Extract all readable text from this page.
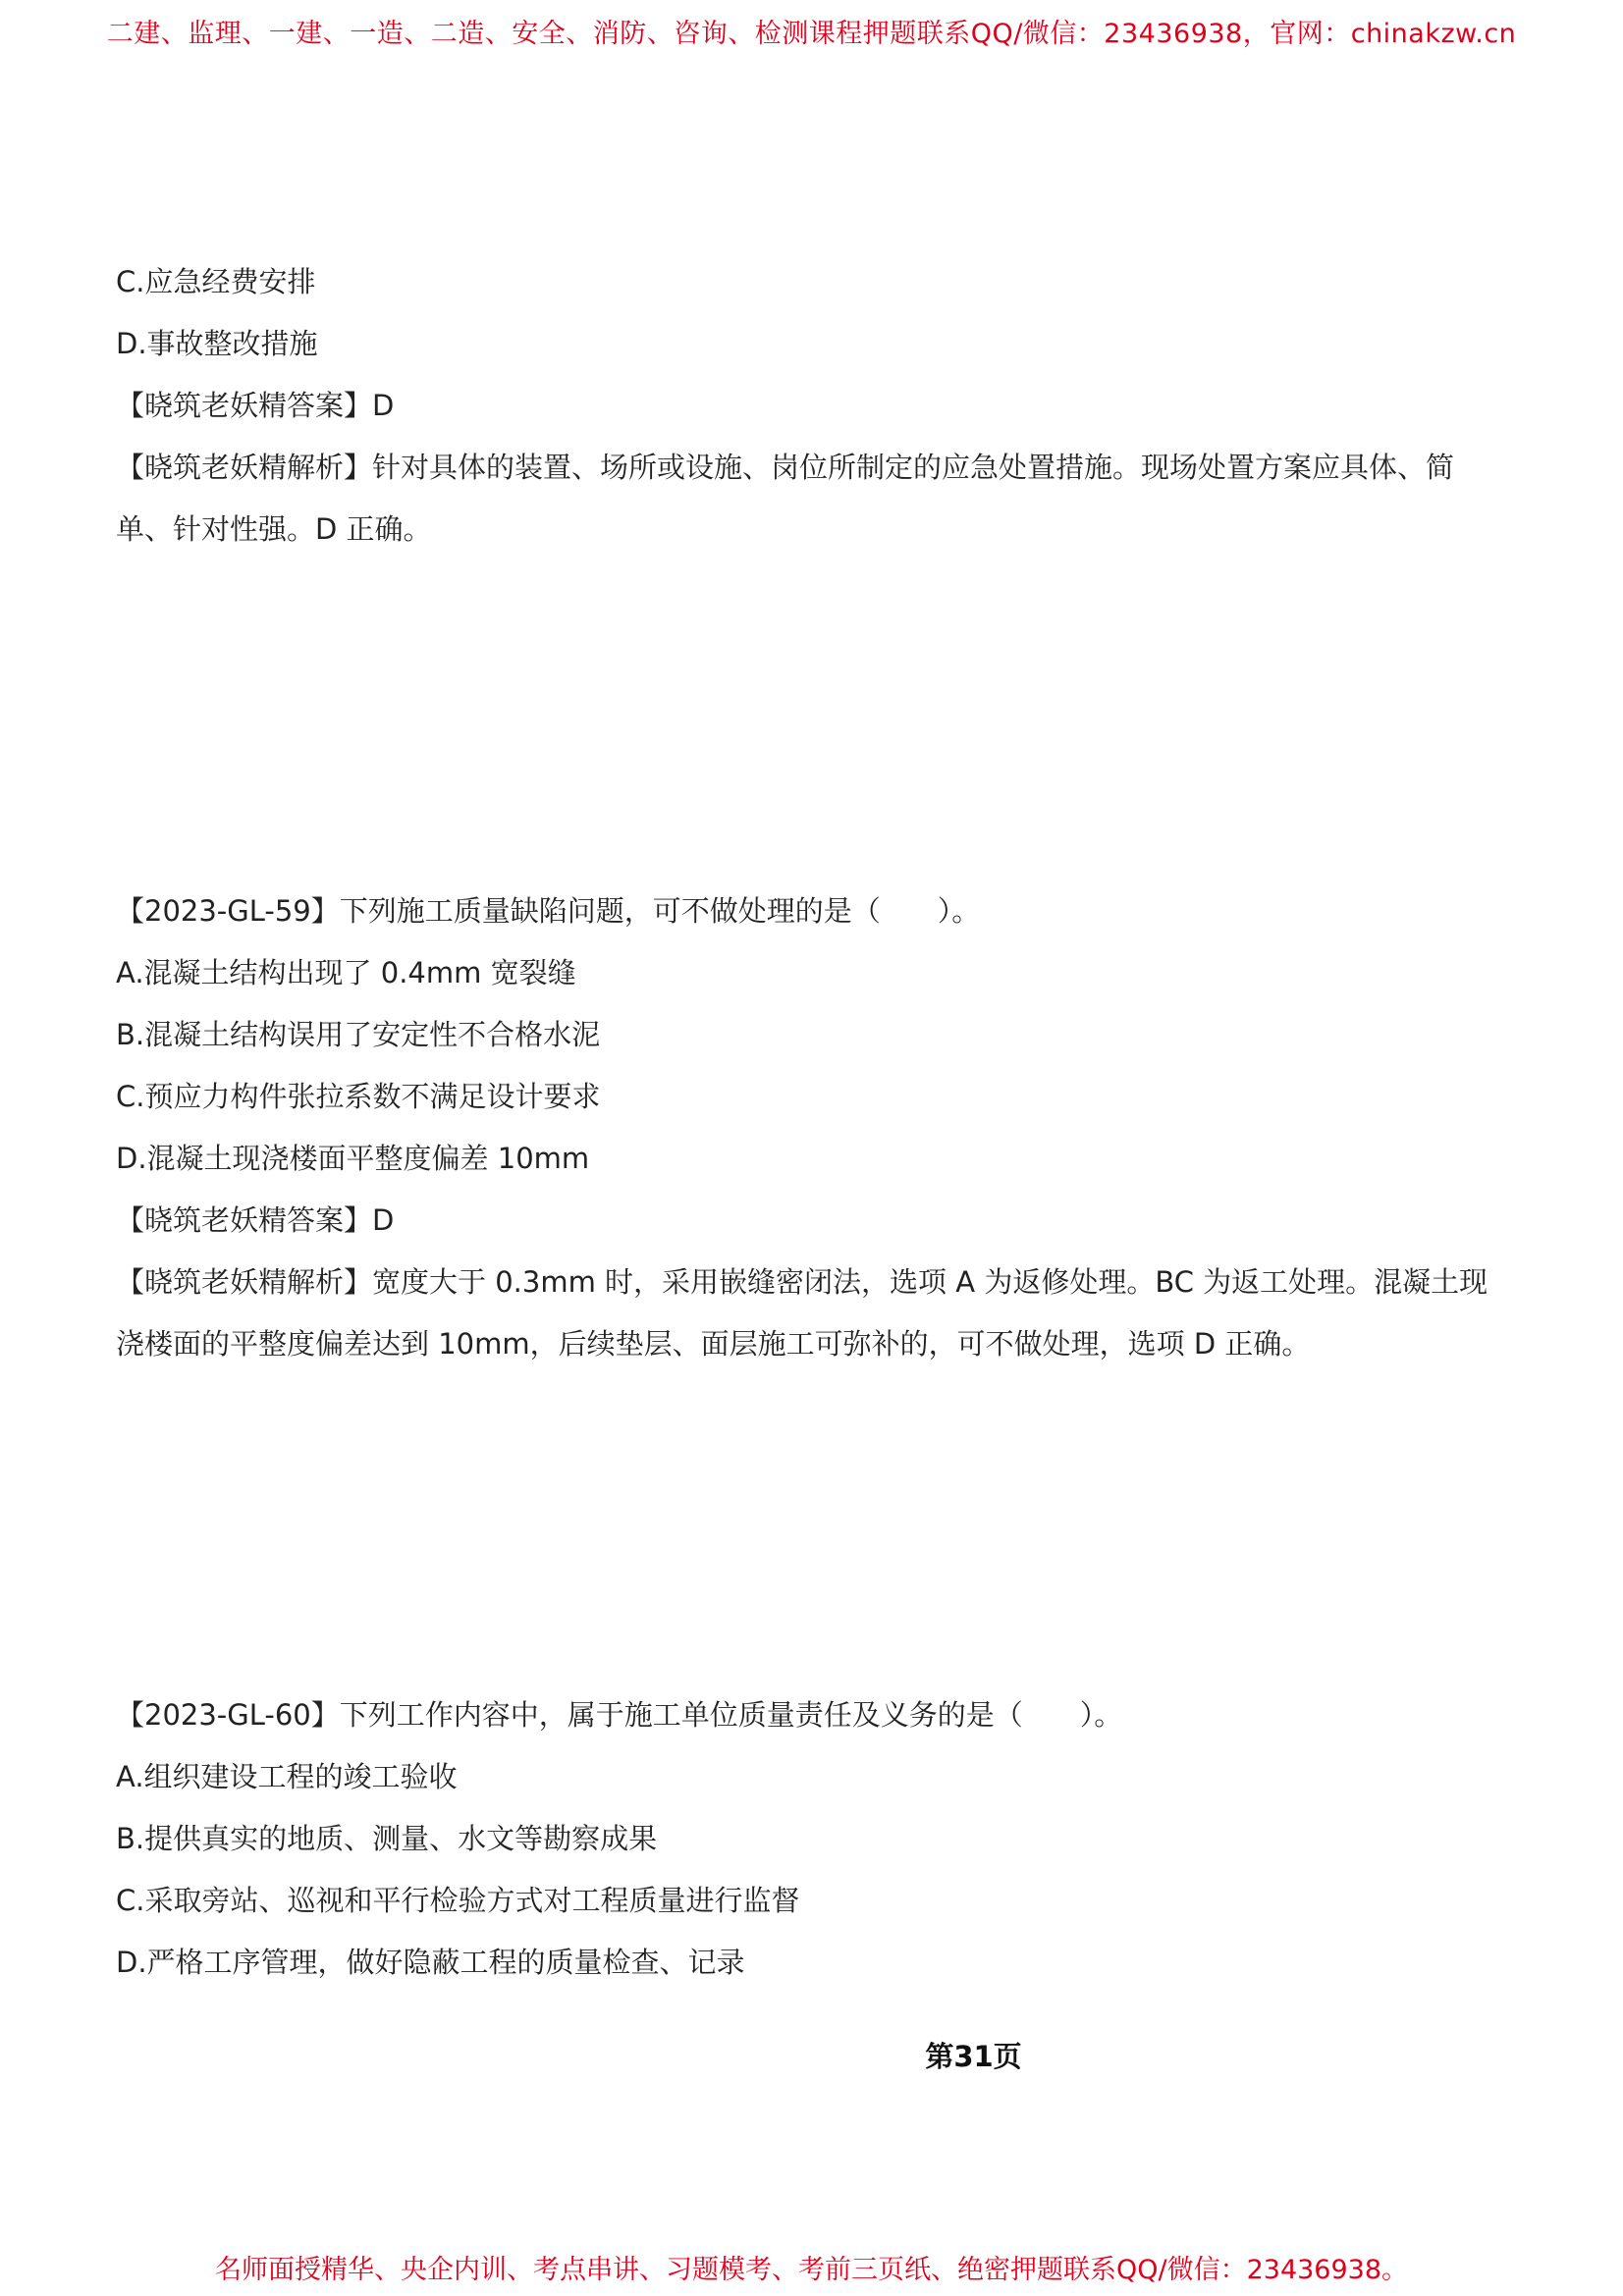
二建、监理、一建、一造、二造、安全、消防、咨询、检测课程押题联系QQ/微信：23436938，官网：chinakzw.cn

C.应急经费安排

D.事故整改措施

【晓筑老妖精答案】D

【晓筑老妖精解析】针对具体的装置、场所或设施、岗位所制定的应急处置措施。现场处置方案应具体、简单、针对性强。D 正确。

【2023-GL-59】下列施工质量缺陷问题，可不做处理的是（　　）。

A.混凝土结构出现了 0.4mm 宽裂缝

B.混凝土结构误用了安定性不合格水泥

C.预应力构件张拉系数不满足设计要求

D.混凝土现浇楼面平整度偏差 10mm

【晓筑老妖精答案】D

【晓筑老妖精解析】宽度大于 0.3mm 时，采用嵌缝密闭法，选项 A 为返修处理。BC 为返工处理。混凝土现浇楼面的平整度偏差达到 10mm，后续垫层、面层施工可弥补的，可不做处理，选项 D 正确。

【2023-GL-60】下列工作内容中，属于施工单位质量责任及义务的是（　　）。

A.组织建设工程的竣工验收

B.提供真实的地质、测量、水文等勘察成果

C.采取旁站、巡视和平行检验方式对工程质量进行监督

D.严格工序管理，做好隐蔽工程的质量检查、记录

第31页
名师面授精华、央企内训、考点串讲、习题模考、考前三页纸、绝密押题联系QQ/微信：23436938。
